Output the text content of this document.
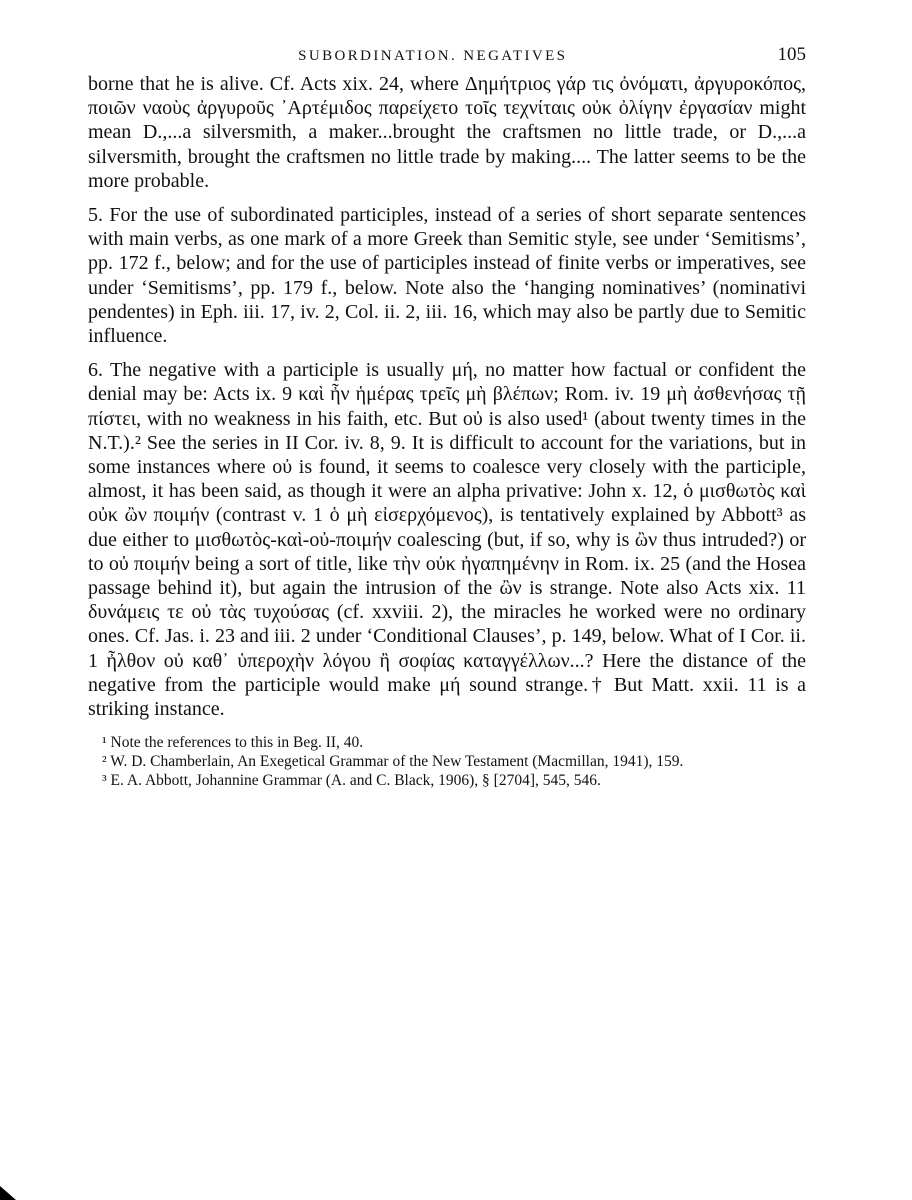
SUBORDINATION. NEGATIVES	105

borne that he is alive. Cf. Acts xix. 24, where Δημήτριος γάρ τις ὀνόματι, ἀργυροκόπος, ποιῶν ναοὺς ἀργυροῦς ᾿Αρτέμιδος παρείχετο τοῖς τεχνίταις οὐκ ὀλίγην ἐργασίαν might mean D.,...a silversmith, a maker...brought the craftsmen no little trade, or D.,...a silversmith, brought the craftsmen no little trade by making.... The latter seems to be the more probable.

5. For the use of subordinated participles, instead of a series of short separate sentences with main verbs, as one mark of a more Greek than Semitic style, see under ‘Semitisms’, pp. 172 f., below; and for the use of participles instead of finite verbs or imperatives, see under ‘Semitisms’, pp. 179 f., below. Note also the ‘hanging nominatives’ (nominativi pendentes) in Eph. iii. 17, iv. 2, Col. ii. 2, iii. 16, which may also be partly due to Semitic influence.

6. The negative with a participle is usually μή, no matter how factual or confident the denial may be: Acts ix. 9 καὶ ἦν ἡμέρας τρεῖς μὴ βλέπων; Rom. iv. 19 μὴ ἀσθενήσας τῇ πίστει, with no weakness in his faith, etc. But οὐ is also used¹ (about twenty times in the N.T.).² See the series in II Cor. iv. 8, 9. It is difficult to account for the variations, but in some instances where οὐ is found, it seems to coalesce very closely with the participle, almost, it has been said, as though it were an alpha privative: John x. 12, ὁ μισθωτὸς καὶ οὐκ ὢν ποιμήν (contrast v. 1 ὁ μὴ εἰσερχόμενος), is tentatively explained by Abbott³ as due either to μισθωτὸς-καὶ-οὐ-ποιμήν coalescing (but, if so, why is ὢν thus intruded?) or to οὐ ποιμήν being a sort of title, like τὴν οὐκ ἠγαπημένην in Rom. ix. 25 (and the Hosea passage behind it), but again the intrusion of the ὢν is strange. Note also Acts xix. 11 δυνάμεις τε οὐ τὰς τυχούσας (cf. xxviii. 2), the miracles he worked were no ordinary ones. Cf. Jas. i. 23 and iii. 2 under ‘Conditional Clauses’, p. 149, below. What of I Cor. ii. 1 ἦλθον οὐ καθ᾿ ὑπεροχὴν λόγου ἢ σοφίας καταγγέλλων...? Here the distance of the negative from the participle would make μή sound strange.† But Matt. xxii. 11 is a striking instance.

¹ Note the references to this in Beg. II, 40.

² W. D. Chamberlain, An Exegetical Grammar of the New Testament (Macmillan, 1941), 159.

³ E. A. Abbott, Johannine Grammar (A. and C. Black, 1906), § [2704], 545, 546.
